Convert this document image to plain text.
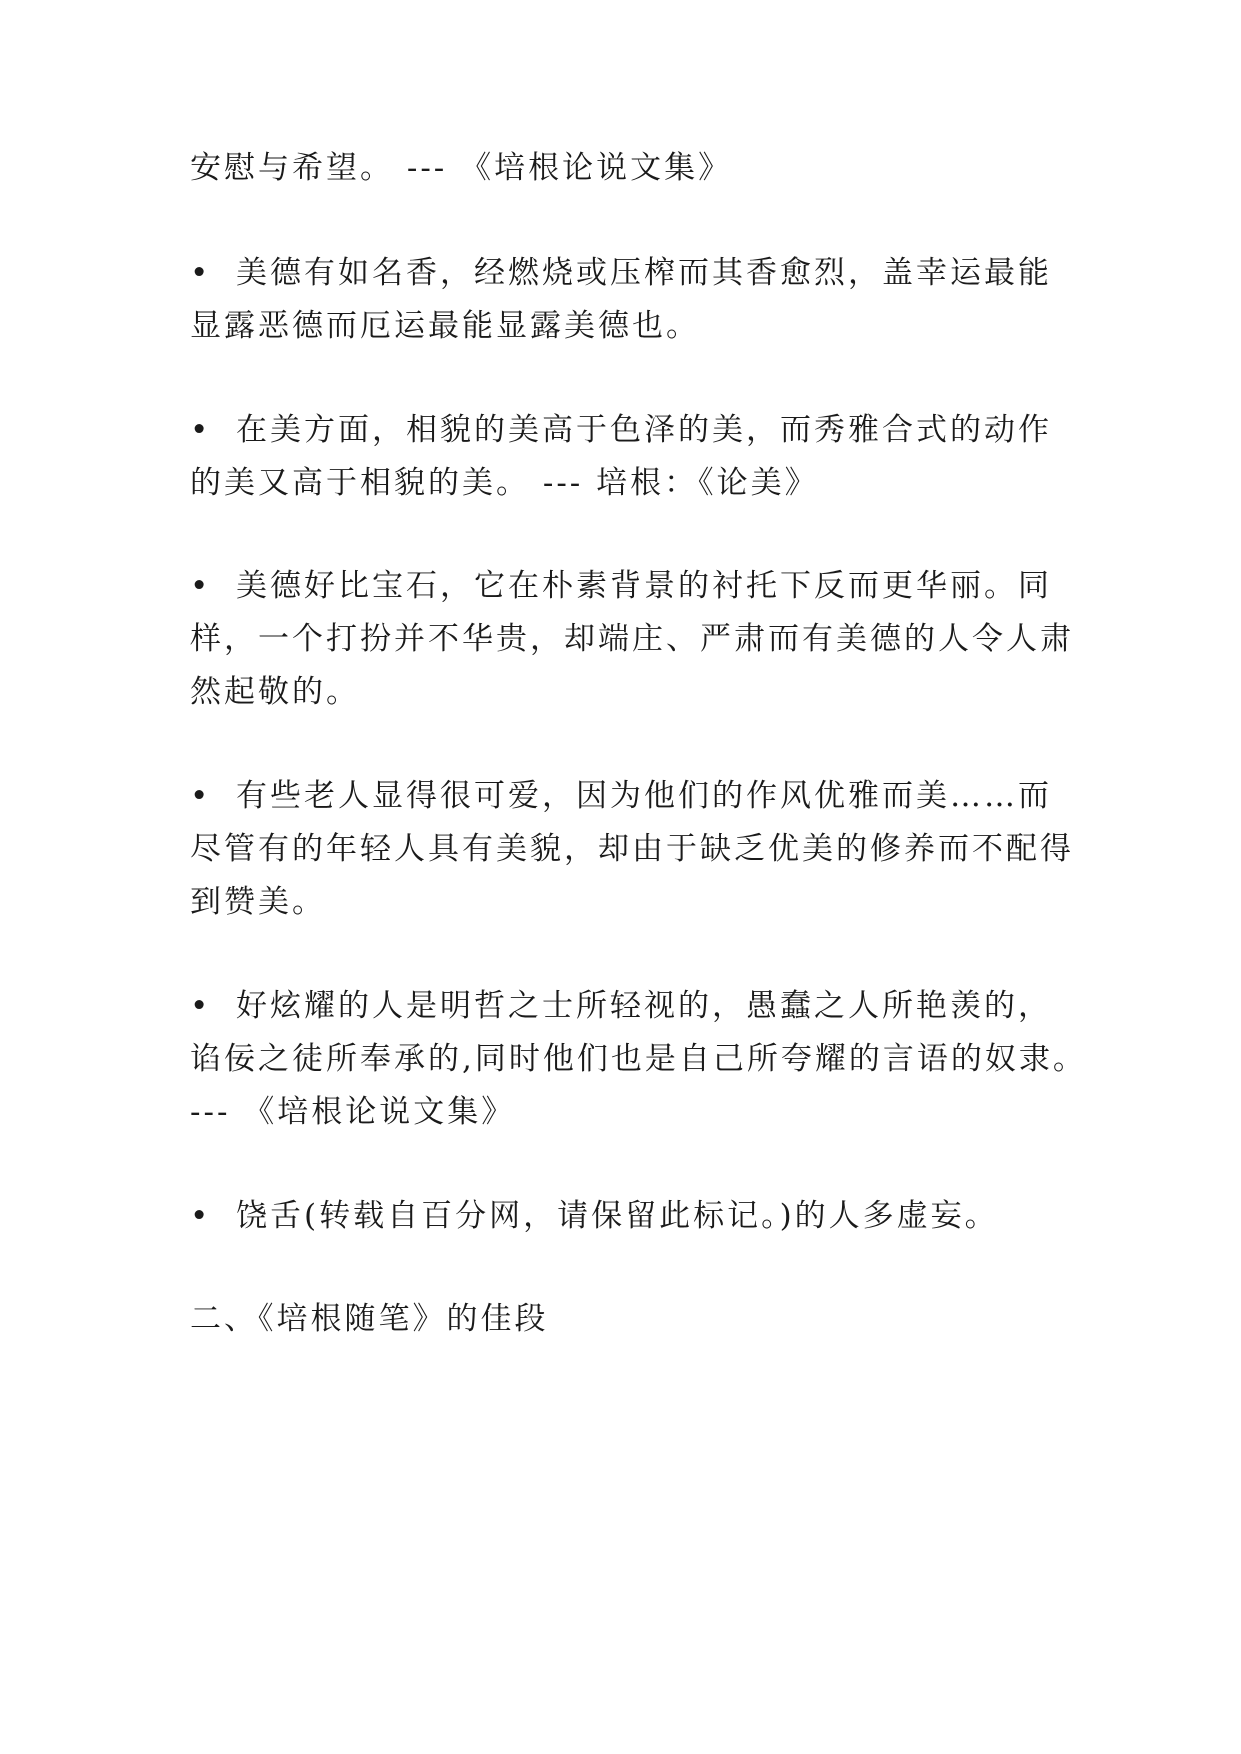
安慰与希望。 --- 《培根论说文集》
• 美德有如名香，经燃烧或压榨而其香愈烈，盖幸运最能
显露恶德而厄运最能显露美德也。
• 在美方面，相貌的美高于色泽的美，而秀雅合式的动作
的美又高于相貌的美。 --- 培根：《论美》
• 美德好比宝石，它在朴素背景的衬托下反而更华丽。同
样，一个打扮并不华贵，却端庄、严肃而有美德的人令人肃
然起敬的。
• 有些老人显得很可爱，因为他们的作风优雅而美……而
尽管有的年轻人具有美貌，却由于缺乏优美的修养而不配得
到赞美。
• 好炫耀的人是明哲之士所轻视的，愚蠢之人所艳羡的，
谄佞之徒所奉承的,同时他们也是自己所夸耀的言语的奴隶。
--- 《培根论说文集》
• 饶舌(转载自百分网，请保留此标记。)的人多虚妄。
二、《培根随笔》的佳段
